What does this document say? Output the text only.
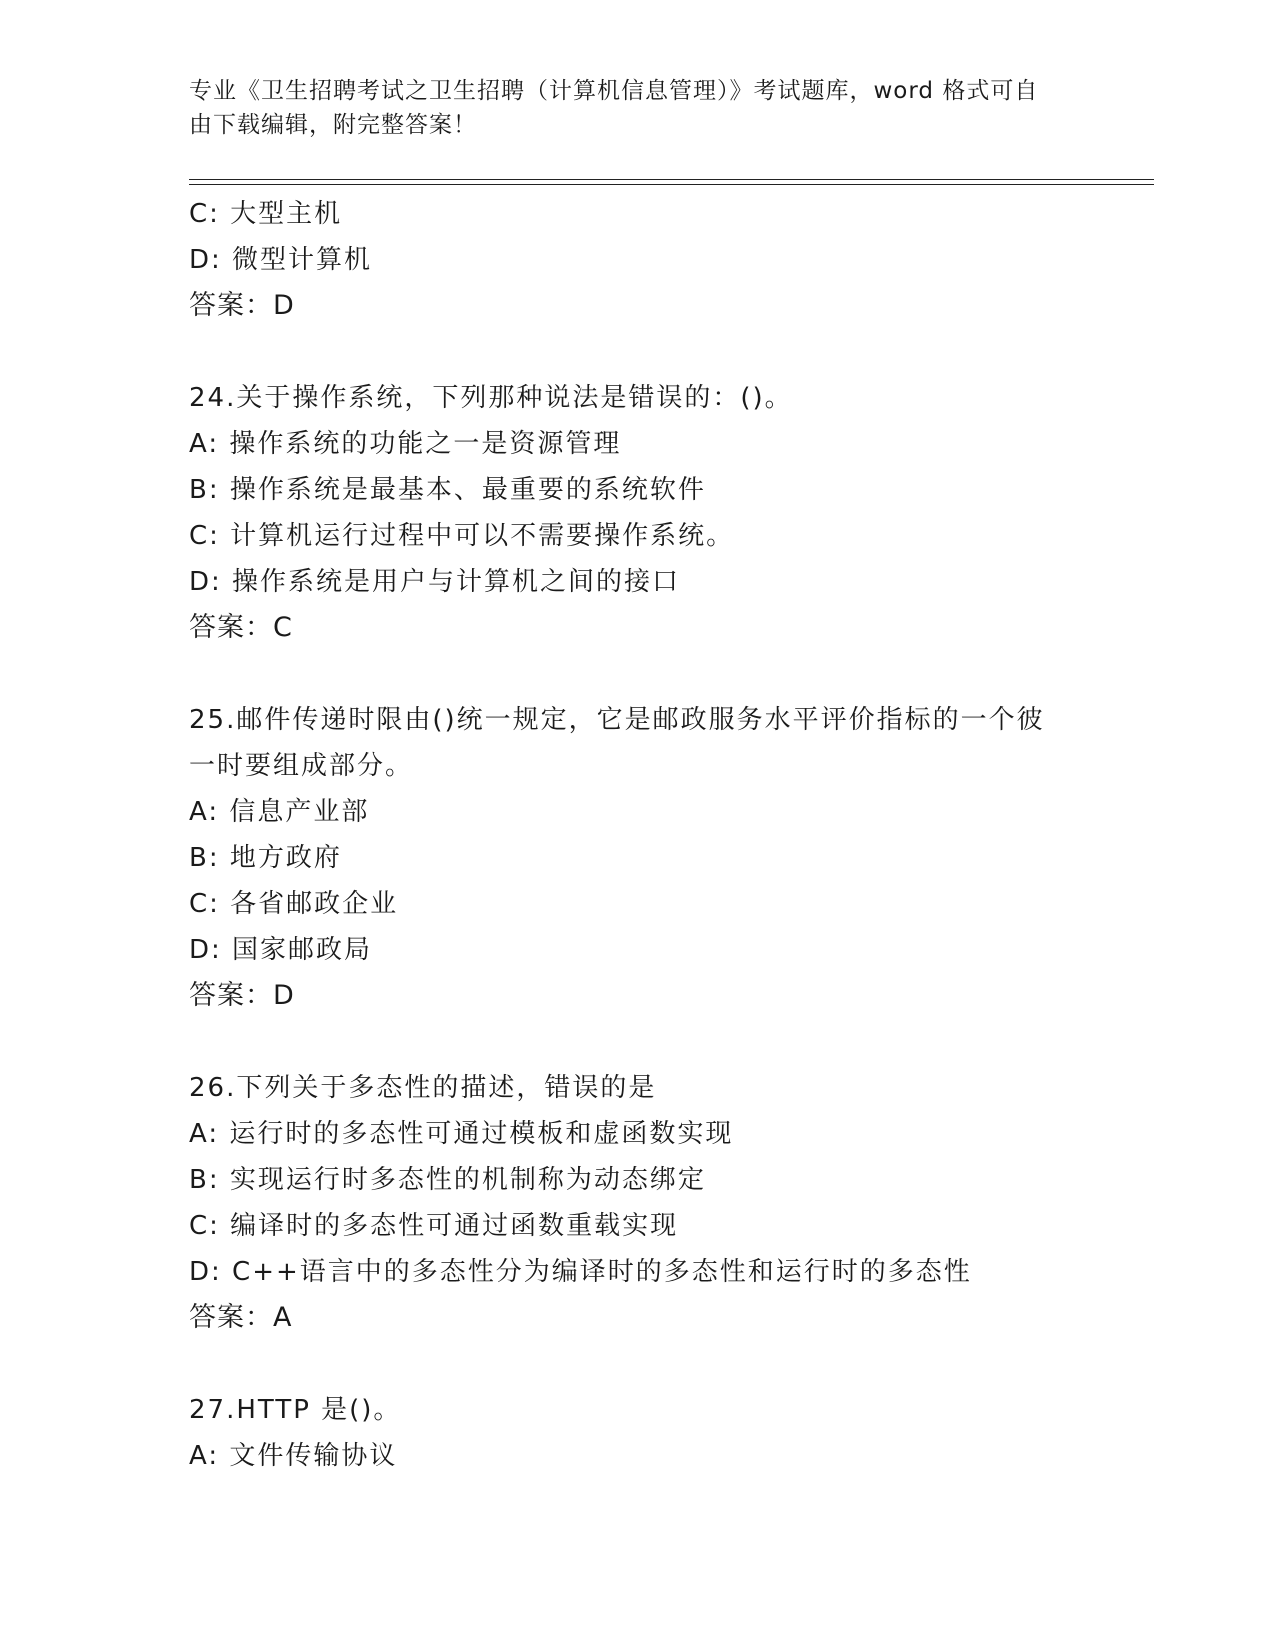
专业《卫生招聘考试之卫生招聘（计算机信息管理）》考试题库，word 格式可自
由下载编辑，附完整答案！
C: 大型主机
D: 微型计算机
答案：D
24.关于操作系统，下列那种说法是错误的：()。
A: 操作系统的功能之一是资源管理
B: 操作系统是最基本、最重要的系统软件
C: 计算机运行过程中可以不需要操作系统。
D: 操作系统是用户与计算机之间的接口
答案：C
25.邮件传递时限由()统一规定，它是邮政服务水平评价指标的一个彼
一时要组成部分。
A: 信息产业部
B: 地方政府
C: 各省邮政企业
D: 国家邮政局
答案：D
26.下列关于多态性的描述，错误的是
A: 运行时的多态性可通过模板和虚函数实现
B: 实现运行时多态性的机制称为动态绑定
C: 编译时的多态性可通过函数重载实现
D: C++语言中的多态性分为编译时的多态性和运行时的多态性
答案：A
27.HTTP 是()。
A: 文件传输协议
